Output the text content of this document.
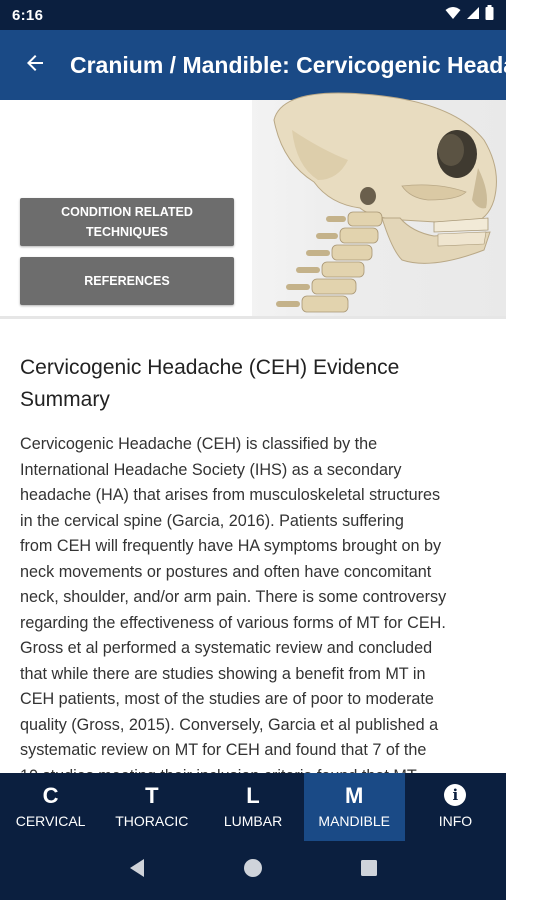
6:16
Cranium / Mandible: Cervicogenic Headache
CONDITION RELATED
TECHNIQUES
REFERENCES
Cervicogenic Headache (CEH) Evidence
Summary
Cervicogenic Headache (CEH) is classified by the
International Headache Society (IHS) as a secondary
headache (HA) that arises from musculoskeletal structures
in the cervical spine (Garcia, 2016). Patients suffering
from CEH will frequently have HA symptoms brought on by
neck movements or postures and often have concomitant
neck, shoulder, and/or arm pain. There is some controversy
regarding the effectiveness of various forms of MT for CEH.
Gross et al performed a systematic review and concluded
that while there are studies showing a benefit from MT in
CEH patients, most of the studies are of poor to moderate
quality (Gross, 2015). Conversely, Garcia et al published a
systematic review on MT for CEH and found that 7 of the
C
CERVICAL
T
THORACIC
L
LUMBAR
M
MANDIBLE
i
INFO
